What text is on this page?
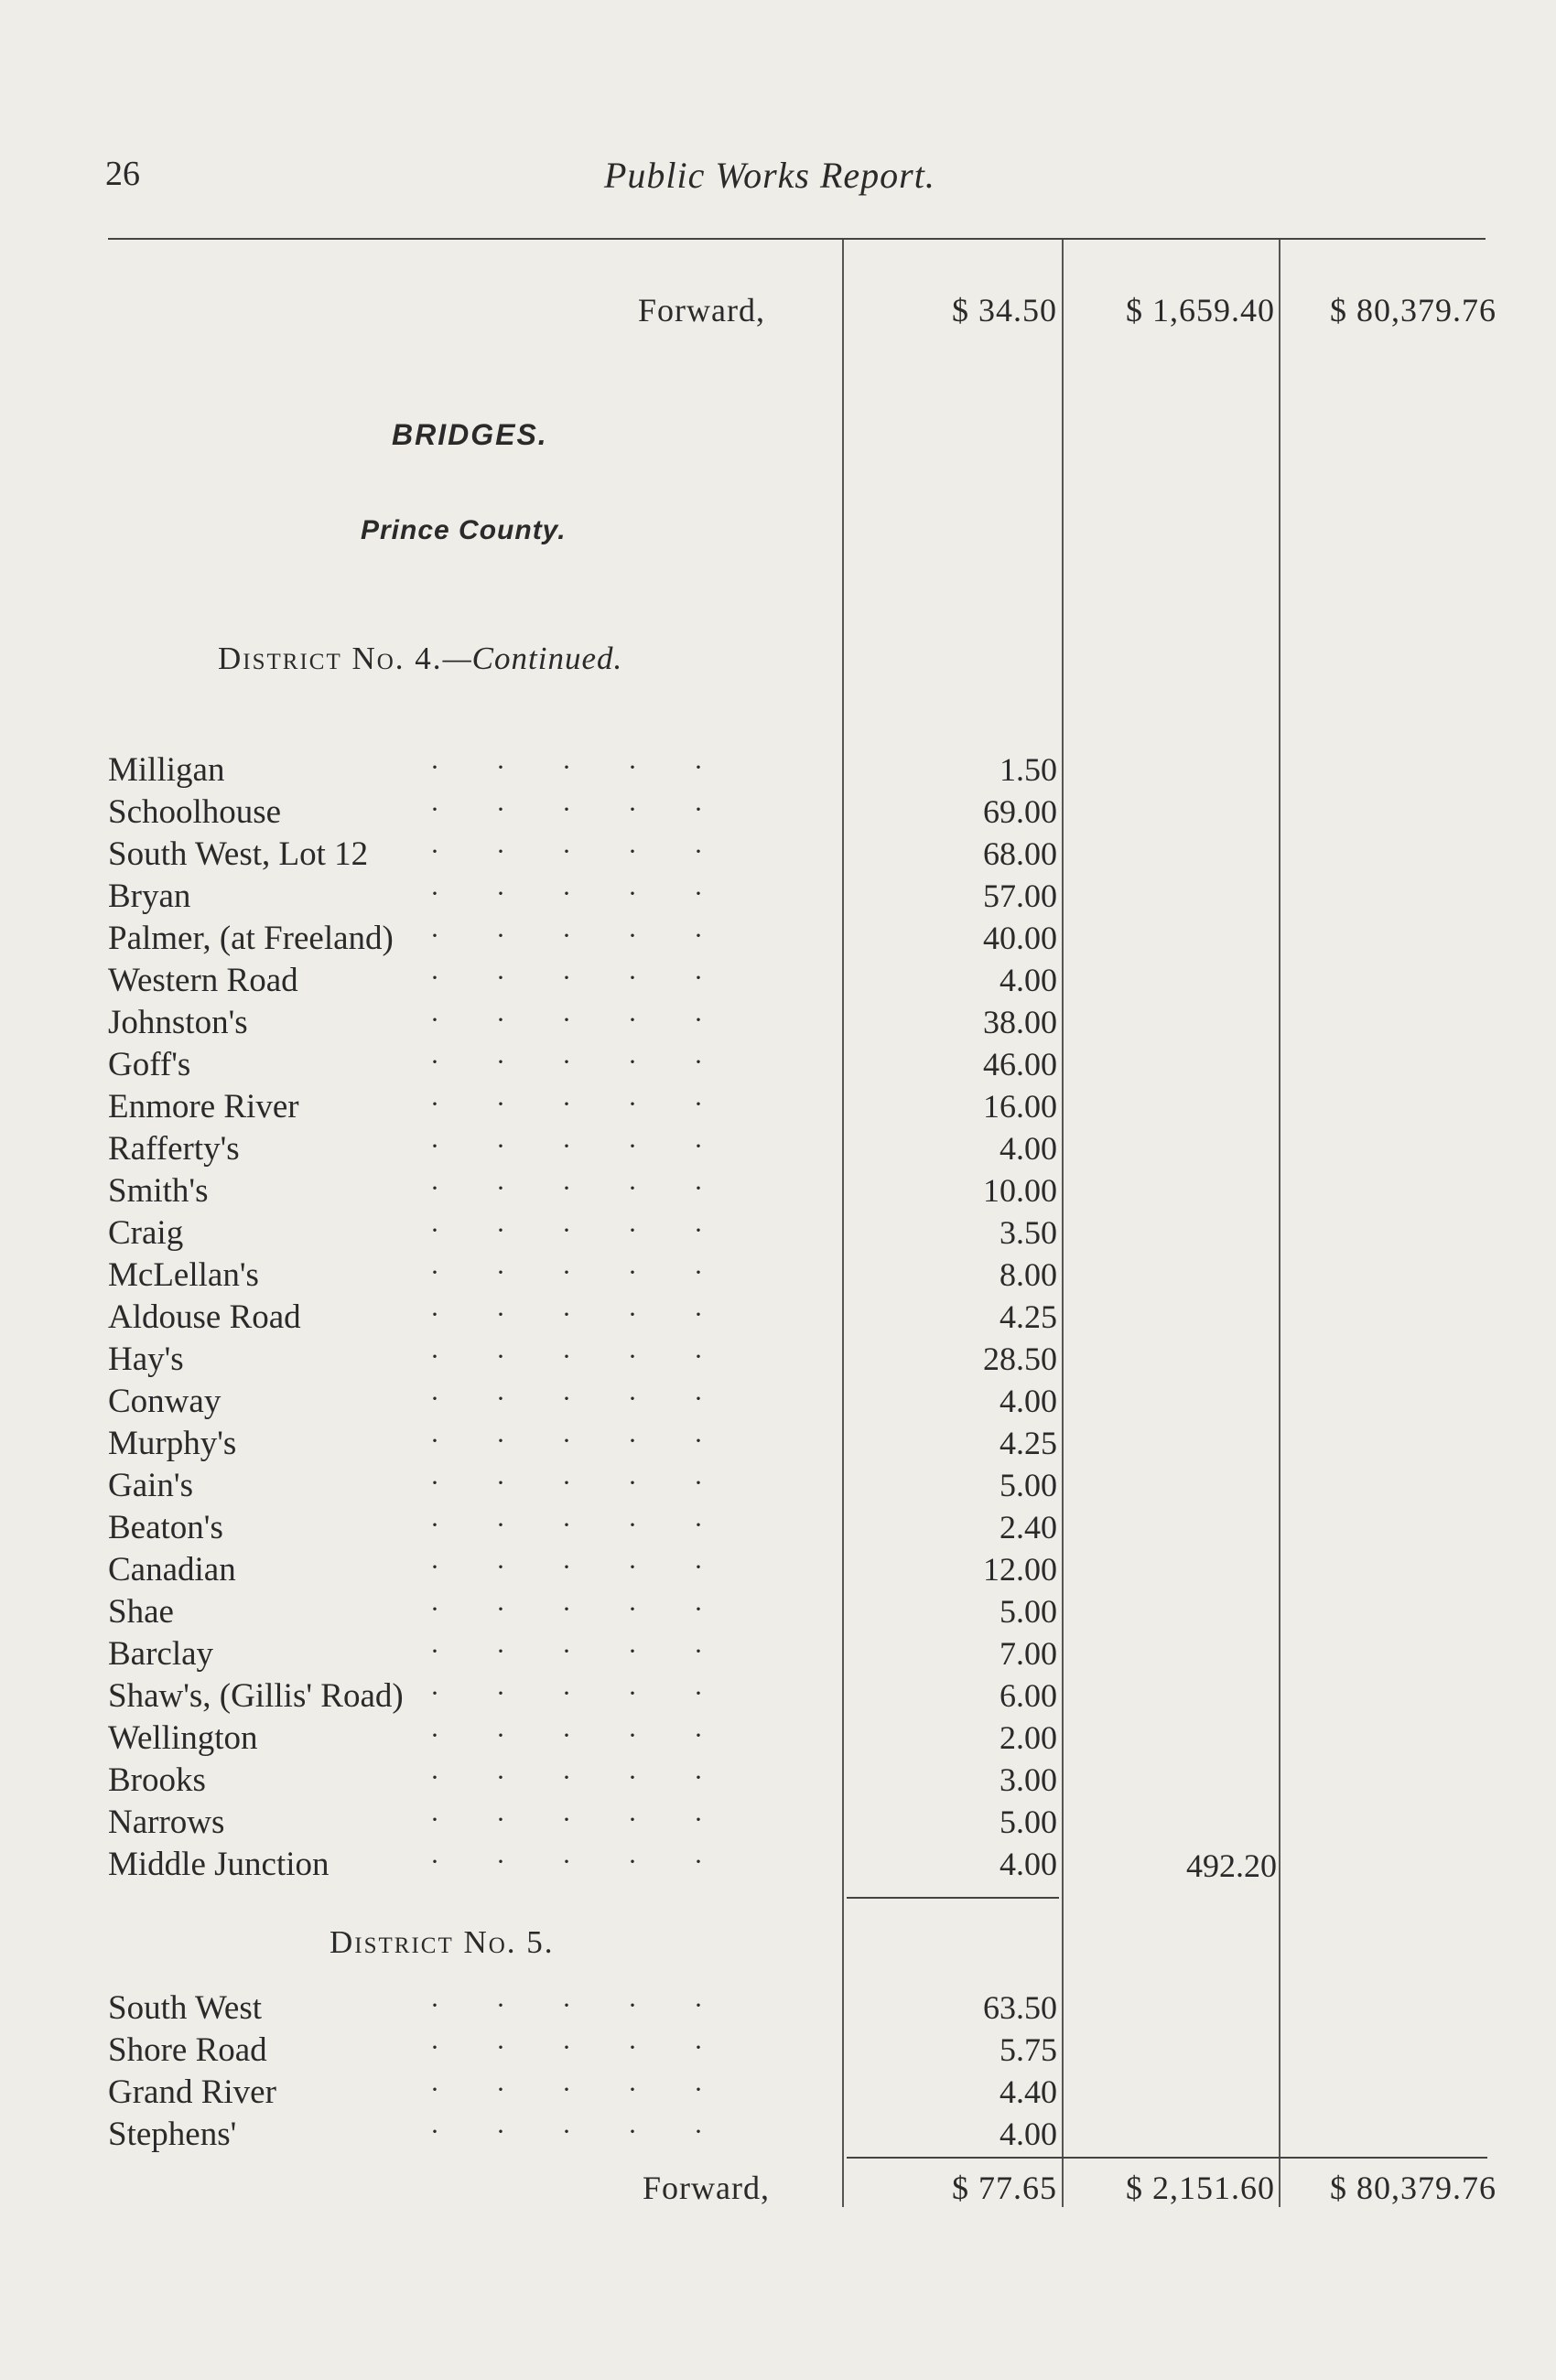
26	Public Works Report.
Forward,	$ 34.50	$ 1,659.40	$ 80,379.76
BRIDGES.
Prince County.
District No. 4.—Continued.
Milligan	·····	1.50
Schoolhouse	·····	69.00
South West, Lot 12 ·····	68.00
Bryan	·····	57.00
Palmer, (at Freeland) ·····	40.00
Western Road	·····	4.00
Johnston's	·····	38.00
Goff's	·····	46.00
Enmore River	·····	16.00
Rafferty's	·····	4.00
Smith's	·····	10.00
Craig	·····	3.50
McLellan's	·····	8.00
Aldouse Road	·····	4.25
Hay's	·····	28.50
Conway	·····	4.00
Murphy's	·····	4.25
Gain's	·····	5.00
Beaton's	·····	2.40
Canadian	·····	12.00
Shae	·····	5.00
Barclay	·····	7.00
Shaw's, (Gillis' Road) ·····	6.00
Wellington	·····	2.00
Brooks	·····	3.00
Narrows	·····	5.00
Middle Junction	·····	4.00	492.20
District No. 5.
South West	·····	63.50
Shore Road	·····	5.75
Grand River	·····	4.40
Stephens'	·····	4.00
Forward,	$ 77.65	$ 2,151.60	$ 80,379.76
